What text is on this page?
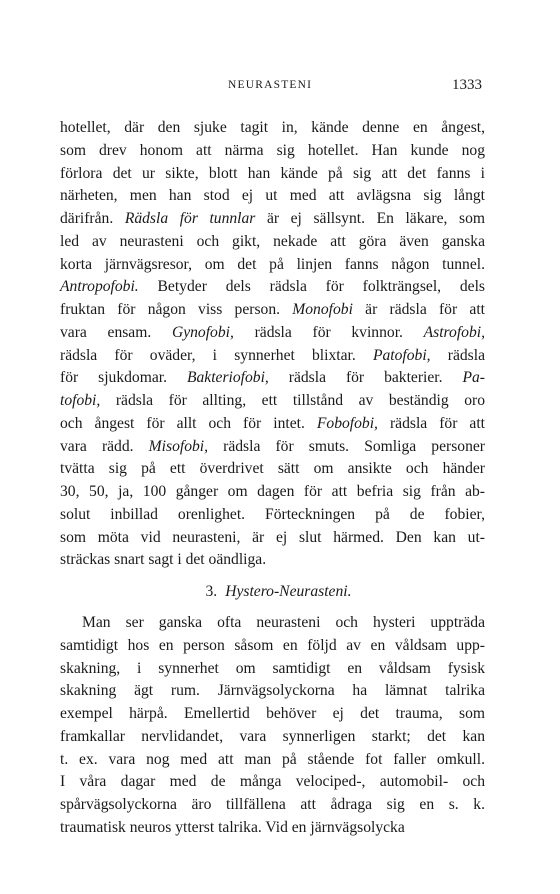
NEURASTENI	1333
hotellet, där den sjuke tagit in, kände denne en ångest,
som drev honom att närma sig hotellet. Han kunde nog
förlora det ur sikte, blott han kände på sig att det fanns i
närheten, men han stod ej ut med att avlägsna sig långt
därifrån. Rädsla för tunnlar är ej sällsynt. En läkare, som
led av neurasteni och gikt, nekade att göra även ganska
korta järnvägsresor, om det på linjen fanns någon tunnel.
Antropofobi. Betyder dels rädsla för folkträngsel, dels
fruktan för någon viss person. Monofobi är rädsla för att
vara ensam. Gynofobi, rädsla för kvinnor. Astrofobi,
rädsla för oväder, i synnerhet blixtar. Patofobi, rädsla
för sjukdomar. Bakteriofobi, rädsla för bakterier. Pa-
tofobi, rädsla för allting, ett tillstånd av beständig oro
och ångest för allt och för intet. Fobofobi, rädsla för att
vara rädd. Misofobi, rädsla för smuts. Somliga personer
tvätta sig på ett överdrivet sätt om ansikte och händer
30, 50, ja, 100 gånger om dagen för att befria sig från ab-
solut inbillad orenlighet. Förteckningen på de fobier,
som möta vid neurasteni, är ej slut härmed. Den kan ut-
sträckas snart sagt i det oändliga.
3. Hystero-Neurasteni.
Man ser ganska ofta neurasteni och hysteri uppträda
samtidigt hos en person såsom en följd av en våldsam upp-
skakning, i synnerhet om samtidigt en våldsam fysisk
skakning ägt rum. Järnvägsolyckorna ha lämnat talrika
exempel härpå. Emellertid behöver ej det trauma, som
framkallar nervlidandet, vara synnerligen starkt; det kan
t. ex. vara nog med att man på stående fot faller omkull.
I våra dagar med de många velociped-, automobil- och
spårvägsolyckorna äro tillfällena att ådraga sig en s. k.
traumatisk neuros ytterst talrika. Vid en järnvägsolycka
